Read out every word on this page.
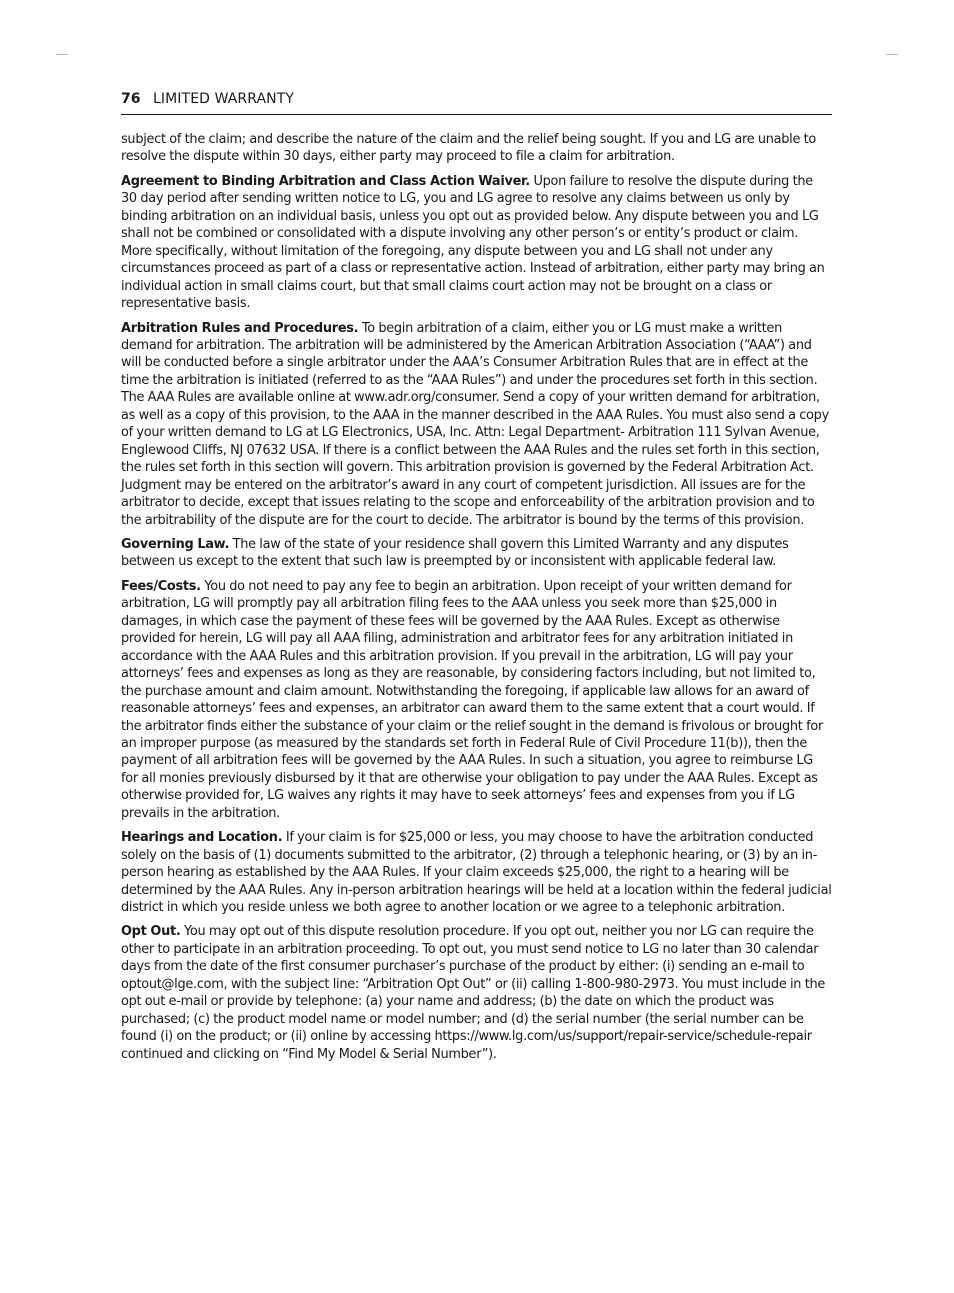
76 LIMITED WARRANTY

subject of the claim; and describe the nature of the claim and the relief being sought. If you and LG are unable to resolve the dispute within 30 days, either party may proceed to file a claim for arbitration.

Agreement to Binding Arbitration and Class Action Waiver. Upon failure to resolve the dispute during the 30 day period after sending written notice to LG, you and LG agree to resolve any claims between us only by binding arbitration on an individual basis, unless you opt out as provided below. Any dispute between you and LG shall not be combined or consolidated with a dispute involving any other person’s or entity’s product or claim. More specifically, without limitation of the foregoing, any dispute between you and LG shall not under any circumstances proceed as part of a class or representative action. Instead of arbitration, either party may bring an individual action in small claims court, but that small claims court action may not be brought on a class or representative basis.

Arbitration Rules and Procedures. To begin arbitration of a claim, either you or LG must make a written demand for arbitration. The arbitration will be administered by the American Arbitration Association (“AAA”) and will be conducted before a single arbitrator under the AAA’s Consumer Arbitration Rules that are in effect at the time the arbitration is initiated (referred to as the “AAA Rules”) and under the procedures set forth in this section. The AAA Rules are available online at www.adr.org/consumer. Send a copy of your written demand for arbitration, as well as a copy of this provision, to the AAA in the manner described in the AAA Rules. You must also send a copy of your written demand to LG at LG Electronics, USA, Inc. Attn: Legal Department- Arbitration 111 Sylvan Avenue, Englewood Cliffs, NJ 07632 USA. If there is a conflict between the AAA Rules and the rules set forth in this section, the rules set forth in this section will govern. This arbitration provision is governed by the Federal Arbitration Act. Judgment may be entered on the arbitrator’s award in any court of competent jurisdiction. All issues are for the arbitrator to decide, except that issues relating to the scope and enforceability of the arbitration provision and to the arbitrability of the dispute are for the court to decide. The arbitrator is bound by the terms of this provision.

Governing Law. The law of the state of your residence shall govern this Limited Warranty and any disputes between us except to the extent that such law is preempted by or inconsistent with applicable federal law.

Fees/Costs. You do not need to pay any fee to begin an arbitration. Upon receipt of your written demand for arbitration, LG will promptly pay all arbitration filing fees to the AAA unless you seek more than $25,000 in damages, in which case the payment of these fees will be governed by the AAA Rules. Except as otherwise provided for herein, LG will pay all AAA filing, administration and arbitrator fees for any arbitration initiated in accordance with the AAA Rules and this arbitration provision. If you prevail in the arbitration, LG will pay your attorneys’ fees and expenses as long as they are reasonable, by considering factors including, but not limited to, the purchase amount and claim amount. Notwithstanding the foregoing, if applicable law allows for an award of reasonable attorneys’ fees and expenses, an arbitrator can award them to the same extent that a court would. If the arbitrator finds either the substance of your claim or the relief sought in the demand is frivolous or brought for an improper purpose (as measured by the standards set forth in Federal Rule of Civil Procedure 11(b)), then the payment of all arbitration fees will be governed by the AAA Rules. In such a situation, you agree to reimburse LG for all monies previously disbursed by it that are otherwise your obligation to pay under the AAA Rules. Except as otherwise provided for, LG waives any rights it may have to seek attorneys’ fees and expenses from you if LG prevails in the arbitration.

Hearings and Location. If your claim is for $25,000 or less, you may choose to have the arbitration conducted solely on the basis of (1) documents submitted to the arbitrator, (2) through a telephonic hearing, or (3) by an in-person hearing as established by the AAA Rules. If your claim exceeds $25,000, the right to a hearing will be determined by the AAA Rules. Any in-person arbitration hearings will be held at a location within the federal judicial district in which you reside unless we both agree to another location or we agree to a telephonic arbitration.

Opt Out. You may opt out of this dispute resolution procedure. If you opt out, neither you nor LG can require the other to participate in an arbitration proceeding. To opt out, you must send notice to LG no later than 30 calendar days from the date of the first consumer purchaser’s purchase of the product by either: (i) sending an e-mail to optout@lge.com, with the subject line: “Arbitration Opt Out” or (ii) calling 1-800-980-2973. You must include in the opt out e-mail or provide by telephone: (a) your name and address; (b) the date on which the product was purchased; (c) the product model name or model number; and (d) the serial number (the serial number can be found (i) on the product; or (ii) online by accessing https://www.lg.com/us/support/repair-service/schedule-repair continued and clicking on “Find My Model & Serial Number”).
